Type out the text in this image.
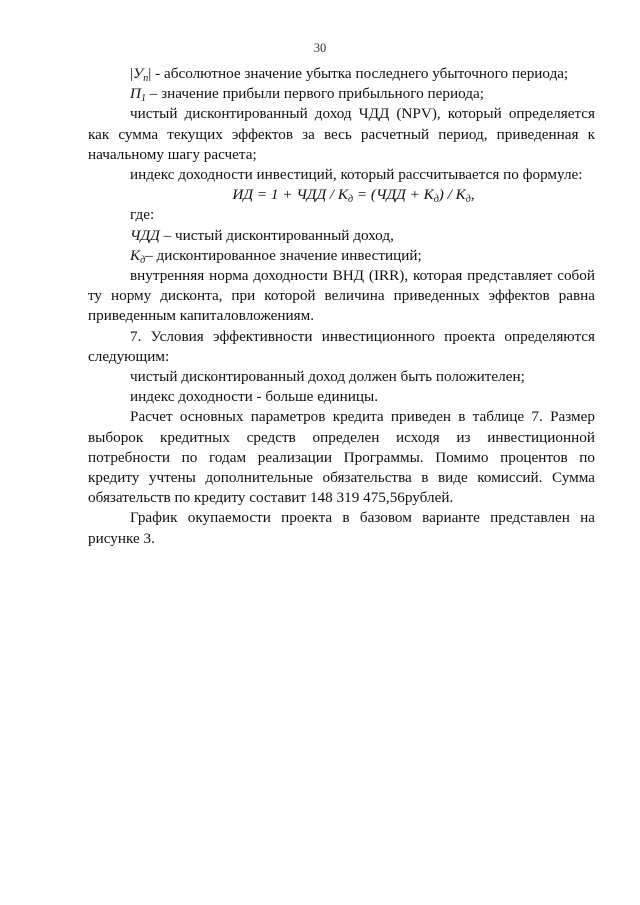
30

$|У_n|$ - абсолютное значение убытка последнего убыточного периода;

$П_1$ – значение прибыли первого прибыльного периода;

чистый дисконтированный доход ЧДД (NPV), который определяется

как сумма текущих эффектов за весь расчетный период, приведенная к

начальному шагу расчета;

индекс доходности инвестиций, который рассчитывается по формуле:

ИД = 1 + ЧДД / $К_д = (ЧДД + К_д) / К_д$,

где:

ЧДД – чистый дисконтированный доход,

$К_д-$ дисконтированное значение инвестиций;

внутренняя норма доходности ВНД (IRR), которая представляет собой

ту норму дисконта, при которой величина приведенных эффектов равна

приведенным капиталовложениям.

7. Условия эффективности инвестиционного проекта определяются

следующим:

чистый дисконтированный доход должен быть положителен;

индекс доходности - больше единицы.

Расчет основных параметров кредита приведен в таблице 7. Размер

выборок кредитных средств определен исходя из инвестиционной

потребности по годам реализации Программы. Помимо процентов по

кредиту учтены дополнительные обязательства в виде комиссий. Сумма

обязательств по кредиту составит 148 319 475,56рублей.

График окупаемости проекта в базовом варианте представлен на

рисунке 3.
